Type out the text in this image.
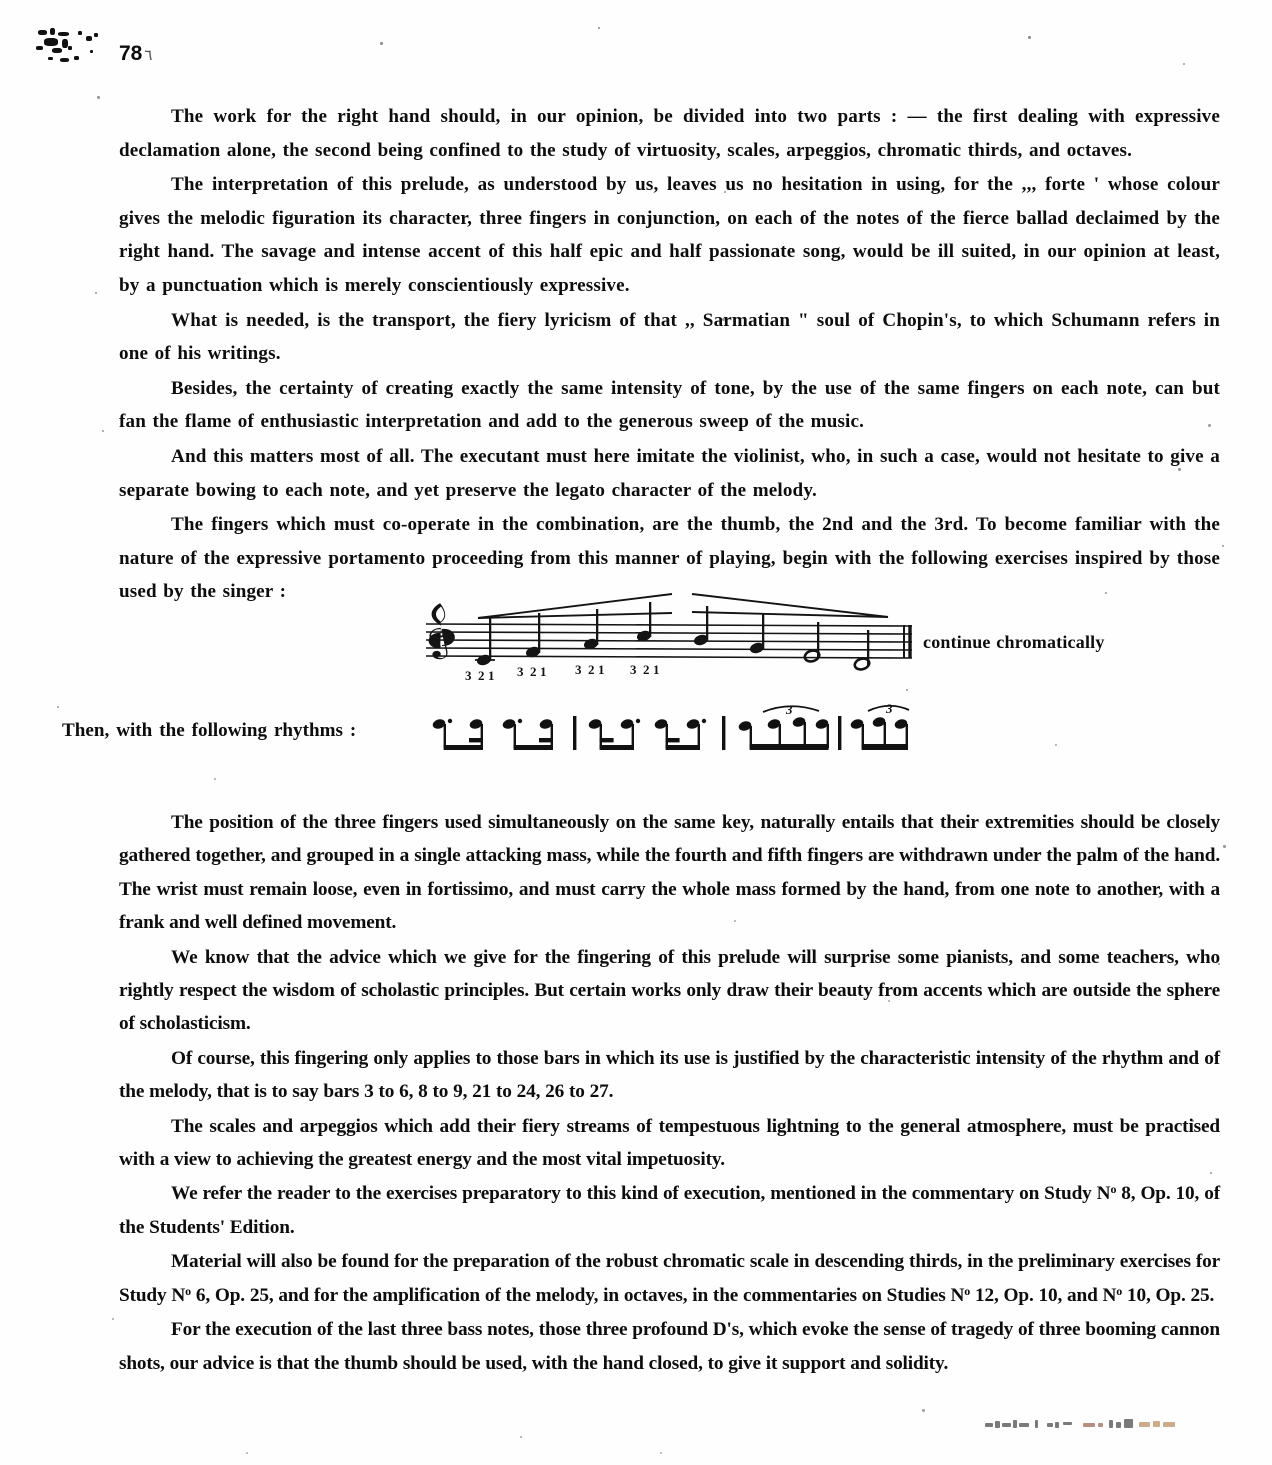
78 ٦

The work for the right hand should, in our opinion, be divided into two parts : — the first dealing with expressive declamation alone, the second being confined to the study of virtuosity, scales, arpeggios, chromatic thirds, and octaves.

The interpretation of this prelude, as understood by us, leaves us no hesitation in using, for the ,,, forte ' whose colour gives the melodic figuration its character, three fingers in conjunction, on each of the notes of the fierce ballad declaimed by the right hand. The savage and intense accent of this half epic and half passionate song, would be ill suited, in our opinion at least, by a punctuation which is merely conscientiously expressive.

What is needed, is the transport, the fiery lyricism of that ,, Sarmatian " soul of Chopin's, to which Schumann refers in one of his writings.

Besides, the certainty of creating exactly the same intensity of tone, by the use of the same fingers on each note, can but fan the flame of enthusiastic interpretation and add to the generous sweep of the music.

And this matters most of all. The executant must here imitate the violinist, who, in such a case, would not hesitate to give a separate bowing to each note, and yet preserve the legato character of the melody.

The fingers which must co-operate in the combination, are the thumb, the 2nd and the 3rd. To become familiar with the nature of the expressive portamento proceeding from this manner of playing, begin with the following exercises inspired by those used by the singer :

3 2 1 3 2 1 3 2 1 3 2 1
continue chromatically
Then, with the following rhythms :
3	3

The position of the three fingers used simultaneously on the same key, naturally entails that their extremities should be closely gathered together, and grouped in a single attacking mass, while the fourth and fifth fingers are withdrawn under the palm of the hand. The wrist must remain loose, even in fortissimo, and must carry the whole mass formed by the hand, from one note to another, with a frank and well defined movement.

We know that the advice which we give for the fingering of this prelude will surprise some pianists, and some teachers, who rightly respect the wisdom of scholastic principles. But certain works only draw their beauty from accents which are outside the sphere of scholasticism.

Of course, this fingering only applies to those bars in which its use is justified by the characteristic intensity of the rhythm and of the melody, that is to say bars 3 to 6, 8 to 9, 21 to 24, 26 to 27.

The scales and arpeggios which add their fiery streams of tempestuous lightning to the general atmosphere, must be practised with a view to achieving the greatest energy and the most vital impetuosity.

We refer the reader to the exercises preparatory to this kind of execution, mentioned in the commentary on Study $N^o$ 8, Op. 10, of the Students' Edition.

Material will also be found for the preparation of the robust chromatic scale in descending thirds, in the preliminary exercises for Study $N^o$ 6, Op. 25, and for the amplification of the melody, in octaves, in the commentaries on Studies $N^o$ 12, Op. 10, and $N^o$ 10, Op. 25.

For the execution of the last three bass notes, those three profound D's, which evoke the sense of tragedy of three booming cannon shots, our advice is that the thumb should be used, with the hand closed, to give it support and solidity.
